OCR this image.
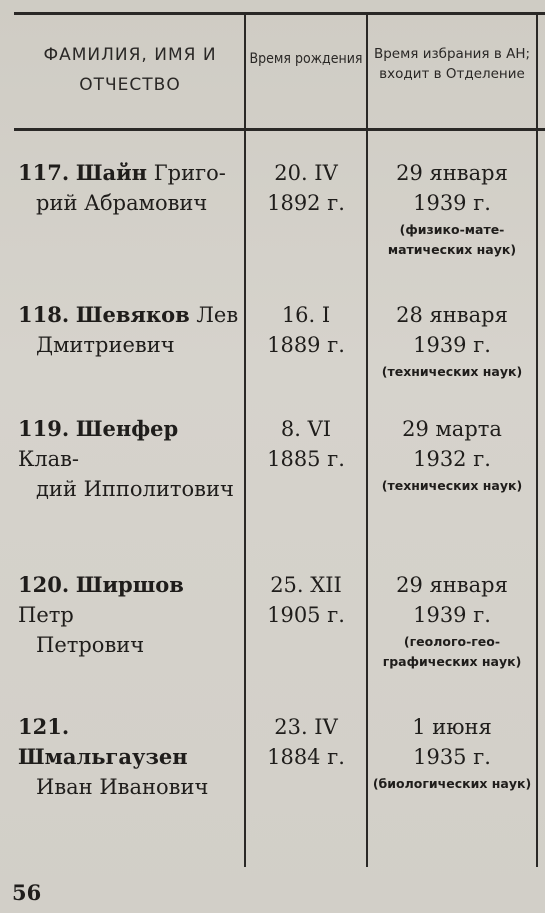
ФАМИЛИЯ, ИМЯ И ОТЧЕСТВО
Время рождения Время избрания в АН; входит в Отделение
117. Шайн Григо-
рий Абрамович
20. IV
1892 г.
29 января
1939 г.
(физико-мате-матических наук)
118. Шевяков Лев
Дмитриевич
16. I
1889 г.
28 января
1939 г.
(технических наук)
119. Шенфер Клав-
дий Ипполитович
8. VI
1885 г.
29 марта
1932 г.
(технических наук)
120. Ширшов Петр
Петрович
25. XII
1905 г.
29 января
1939 г.
(геолого-гео-графических наук)
121. Шмальгаузен
Иван Иванович
23. IV
1884 г.
1 июня
1935 г.
(биологических наук)
56
